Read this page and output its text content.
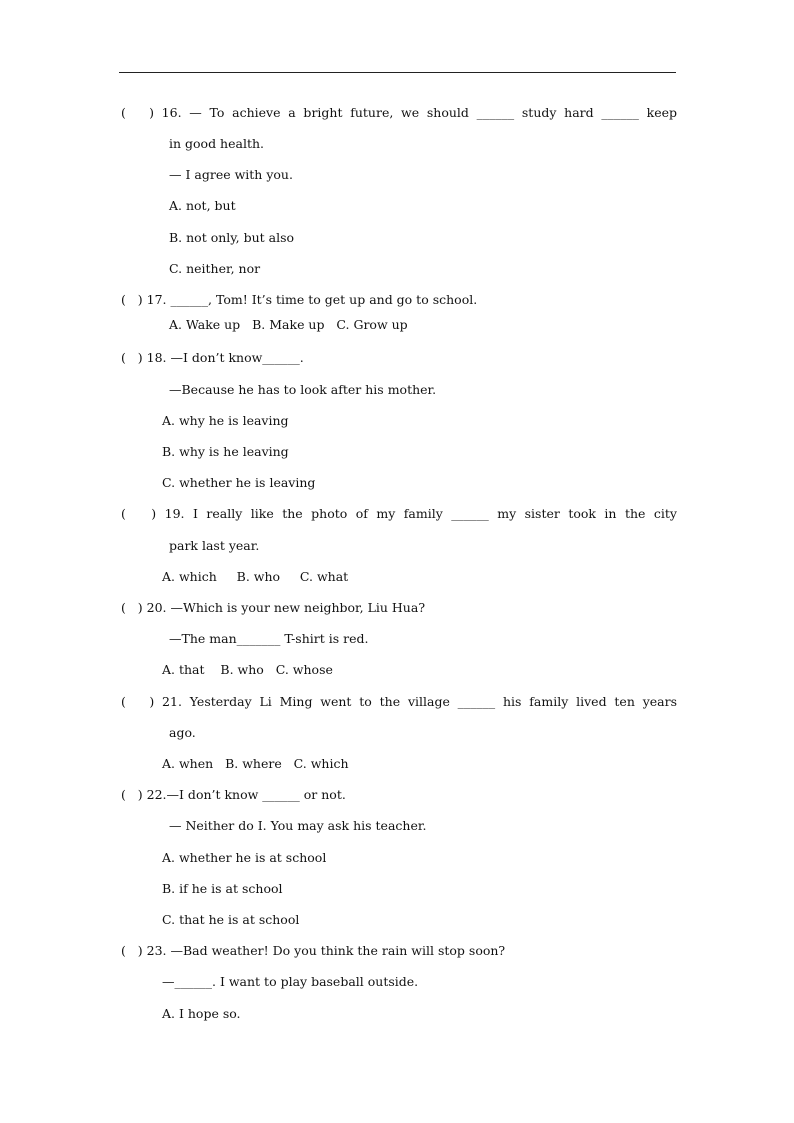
(   ) 16. — To achieve a bright future, we should ______ study hard ______ keep
in good health.
— I agree with you.
A. not, but
B. not only, but also
C. neither, nor
(   ) 17. ______, Tom! It’s time to get up and go to school.
A. Wake up   B. Make up   C. Grow up
(   ) 18. —I don’t know______.
—Because he has to look after his mother.
A. why he is leaving
B. why is he leaving
C. whether he is leaving
(   ) 19. I really like the photo of my family ______ my sister took in the city
park last year.
A. which     B. who     C. what
(   ) 20. —Which is your new neighbor, Liu Hua?
—The man_______ T-shirt is red.
A. that    B. who   C. whose
(   ) 21. Yesterday Li Ming went to the village ______ his family lived ten years
ago.
A. when   B. where   C. which
(   ) 22.—I don’t know ______ or not.
— Neither do I. You may ask his teacher.
A. whether he is at school
B. if he is at school
C. that he is at school
(   ) 23. —Bad weather! Do you think the rain will stop soon?
—______. I want to play baseball outside.
A. I hope so.
